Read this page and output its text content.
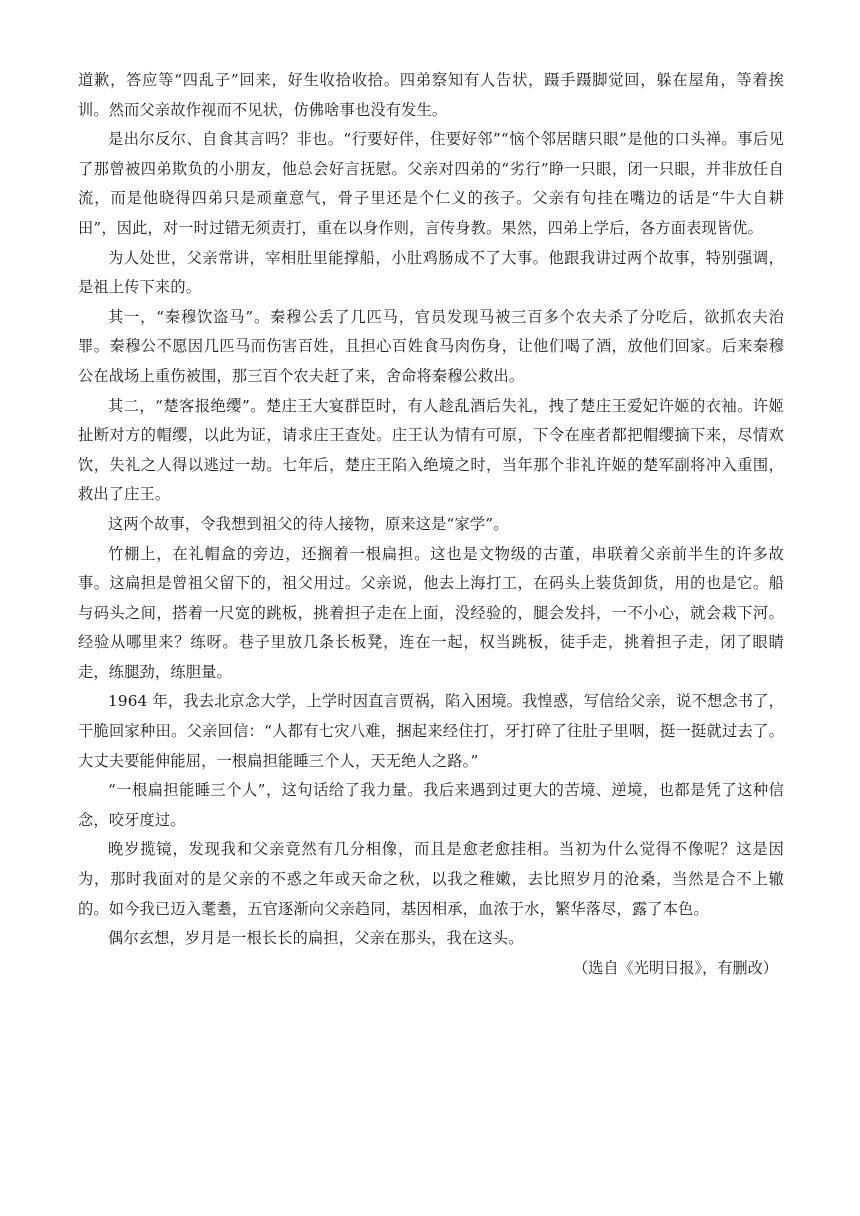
道歉，答应等“四乱子”回来，好生收拾收拾。四弟察知有人告状，蹑手蹑脚觉回，躲在屋角，等着挨训。然而父亲故作视而不见状，仿佛啥事也没有发生。

是出尔反尔、自食其言吗？非也。“行要好伴，住要好邻”“恼个邻居瞎只眼”是他的口头禅。事后见了那曾被四弟欺负的小朋友，他总会好言抚慰。父亲对四弟的“劣行”睁一只眼，闭一只眼，并非放任自流，而是他晓得四弟只是顽童意气，骨子里还是个仁义的孩子。父亲有句挂在嘴边的话是“牛大自耕田”，因此，对一时过错无须责打，重在以身作则，言传身教。果然，四弟上学后，各方面表现皆优。

为人处世，父亲常讲，宰相肚里能撑船，小肚鸡肠成不了大事。他跟我讲过两个故事，特别强调，是祖上传下来的。

其一，“秦穆饮盗马”。秦穆公丢了几匹马，官员发现马被三百多个农夫杀了分吃后，欲抓农夫治罪。秦穆公不愿因几匹马而伤害百姓，且担心百姓食马肉伤身，让他们喝了酒，放他们回家。后来秦穆公在战场上重伤被围，那三百个农夫赶了来，舍命将秦穆公救出。

其二，“楚客报绝缨”。楚庄王大宴群臣时，有人趁乱酒后失礼，拽了楚庄王爱妃许姬的衣袖。许姬扯断对方的帽缨，以此为证，请求庄王查处。庄王认为情有可原，下令在座者都把帽缨摘下来，尽情欢饮，失礼之人得以逃过一劫。七年后，楚庄王陷入绝境之时，当年那个非礼许姬的楚军副将冲入重围，救出了庄王。

这两个故事，令我想到祖父的待人接物，原来这是“家学”。

竹棚上，在礼帽盒的旁边，还搁着一根扁担。这也是文物级的古董，串联着父亲前半生的许多故事。这扁担是曾祖父留下的，祖父用过。父亲说，他去上海打工，在码头上装货卸货，用的也是它。船与码头之间，搭着一尺宽的跳板，挑着担子走在上面，没经验的，腿会发抖，一不小心，就会栽下河。经验从哪里来？练呀。巷子里放几条长板凳，连在一起，权当跳板，徒手走，挑着担子走，闭了眼睛走，练腿劲，练胆量。

1964 年，我去北京念大学，上学时因直言贾祸，陷入困境。我惶惑，写信给父亲，说不想念书了，干脆回家种田。父亲回信：“人都有七灾八难，捆起来经住打，牙打碎了往肚子里咽，挺一挺就过去了。大丈夫要能伸能屈，一根扁担能睡三个人，天无绝人之路。”

“一根扁担能睡三个人”，这句话给了我力量。我后来遇到过更大的苦境、逆境，也都是凭了这种信念，咬牙度过。

晚岁揽镜，发现我和父亲竟然有几分相像，而且是愈老愈挂相。当初为什么觉得不像呢？这是因为，那时我面对的是父亲的不惑之年或天命之秋，以我之稚嫩，去比照岁月的沧桑，当然是合不上辙的。如今我已迈入耄耋，五官逐渐向父亲趋同，基因相承，血浓于水，繁华落尽，露了本色。

偶尔玄想，岁月是一根长长的扁担，父亲在那头，我在这头。

（选自《光明日报》，有删改）
